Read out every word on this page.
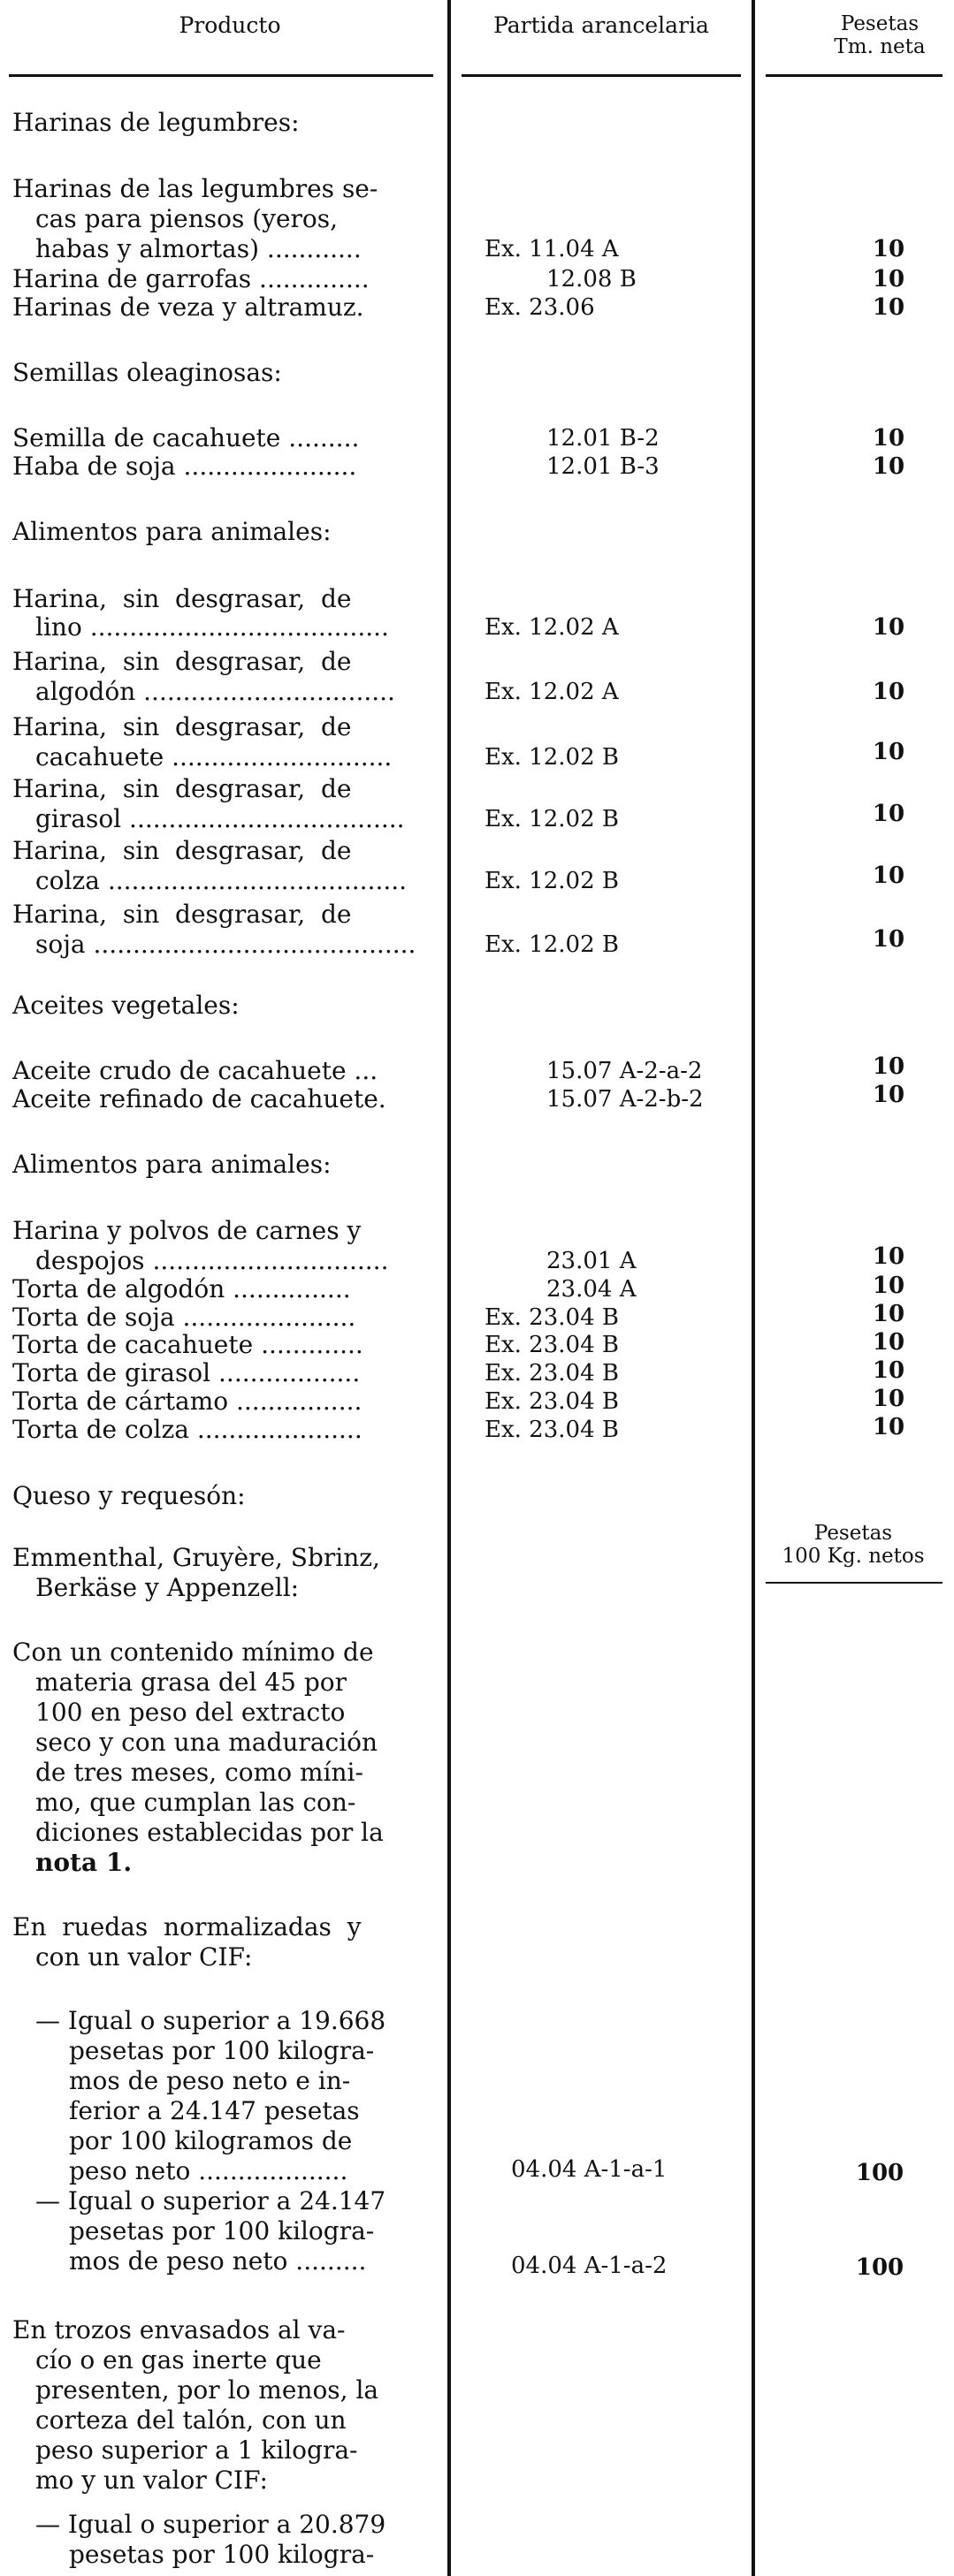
Producto	Partida arancelaria	Pesetas
Tm. neta
Harinas de legumbres:
Harinas de las legumbres se-
cas para piensos (yeros,
habas y almortas) ............	Ex. 11.04 A	10
Harina de garrofas ..............	12.08 B	10
Harinas de veza y altramuz.	Ex. 23.06	10
Semillas oleaginosas:
Semilla de cacahuete .........	12.01 B-2	10
Haba de soja ......................	12.01 B-3	10
Alimentos para animales:
Harina,  sin  desgrasar,  de
lino ......................................	Ex. 12.02 A	10
Harina,  sin  desgrasar,  de
algodón ................................	Ex. 12.02 A	10
Harina,  sin  desgrasar,  de
cacahuete ............................	Ex. 12.02 B	10
Harina,  sin  desgrasar,  de
girasol ...................................	Ex. 12.02 B	10
Harina,  sin  desgrasar,  de
colza ......................................	Ex. 12.02 B	10
Harina,  sin  desgrasar,  de
soja .........................................	Ex. 12.02 B	10
Aceites vegetales:
Aceite crudo de cacahuete ...	15.07 A-2-a-2	10
Aceite refinado de cacahuete.	15.07 A-2-b-2	10
Alimentos para animales:
Harina y polvos de carnes y
despojos ..............................	23.01 A	10
Torta de algodón ...............	23.04 A	10
Torta de soja ......................	Ex. 23.04 B	10
Torta de cacahuete .............	Ex. 23.04 B	10
Torta de girasol ..................	Ex. 23.04 B	10
Torta de cártamo ................	Ex. 23.04 B	10
Torta de colza .....................	Ex. 23.04 B	10
Queso y requesón:
Pesetas
100 Kg. netos
Emmenthal, Gruyère, Sbrinz,
Berkäse y Appenzell:
Con un contenido mínimo de
materia grasa del 45 por
100 en peso del extracto
seco y con una maduración
de tres meses, como míni-
mo, que cumplan las con-
diciones establecidas por la
nota 1.
En  ruedas  normalizadas  y
con un valor CIF:
— Igual o superior a 19.668
pesetas por 100 kilogra-
mos de peso neto e in-
ferior a 24.147 pesetas
por 100 kilogramos de
peso neto ...................	04.04 A-1-a-1	100
— Igual o superior a 24.147
pesetas por 100 kilogra-
mos de peso neto .........	04.04 A-1-a-2	100
En trozos envasados al va-
cío o en gas inerte que
presenten, por lo menos, la
corteza del talón, con un
peso superior a 1 kilogra-
mo y un valor CIF:
— Igual o superior a 20.879
pesetas por 100 kilogra-
